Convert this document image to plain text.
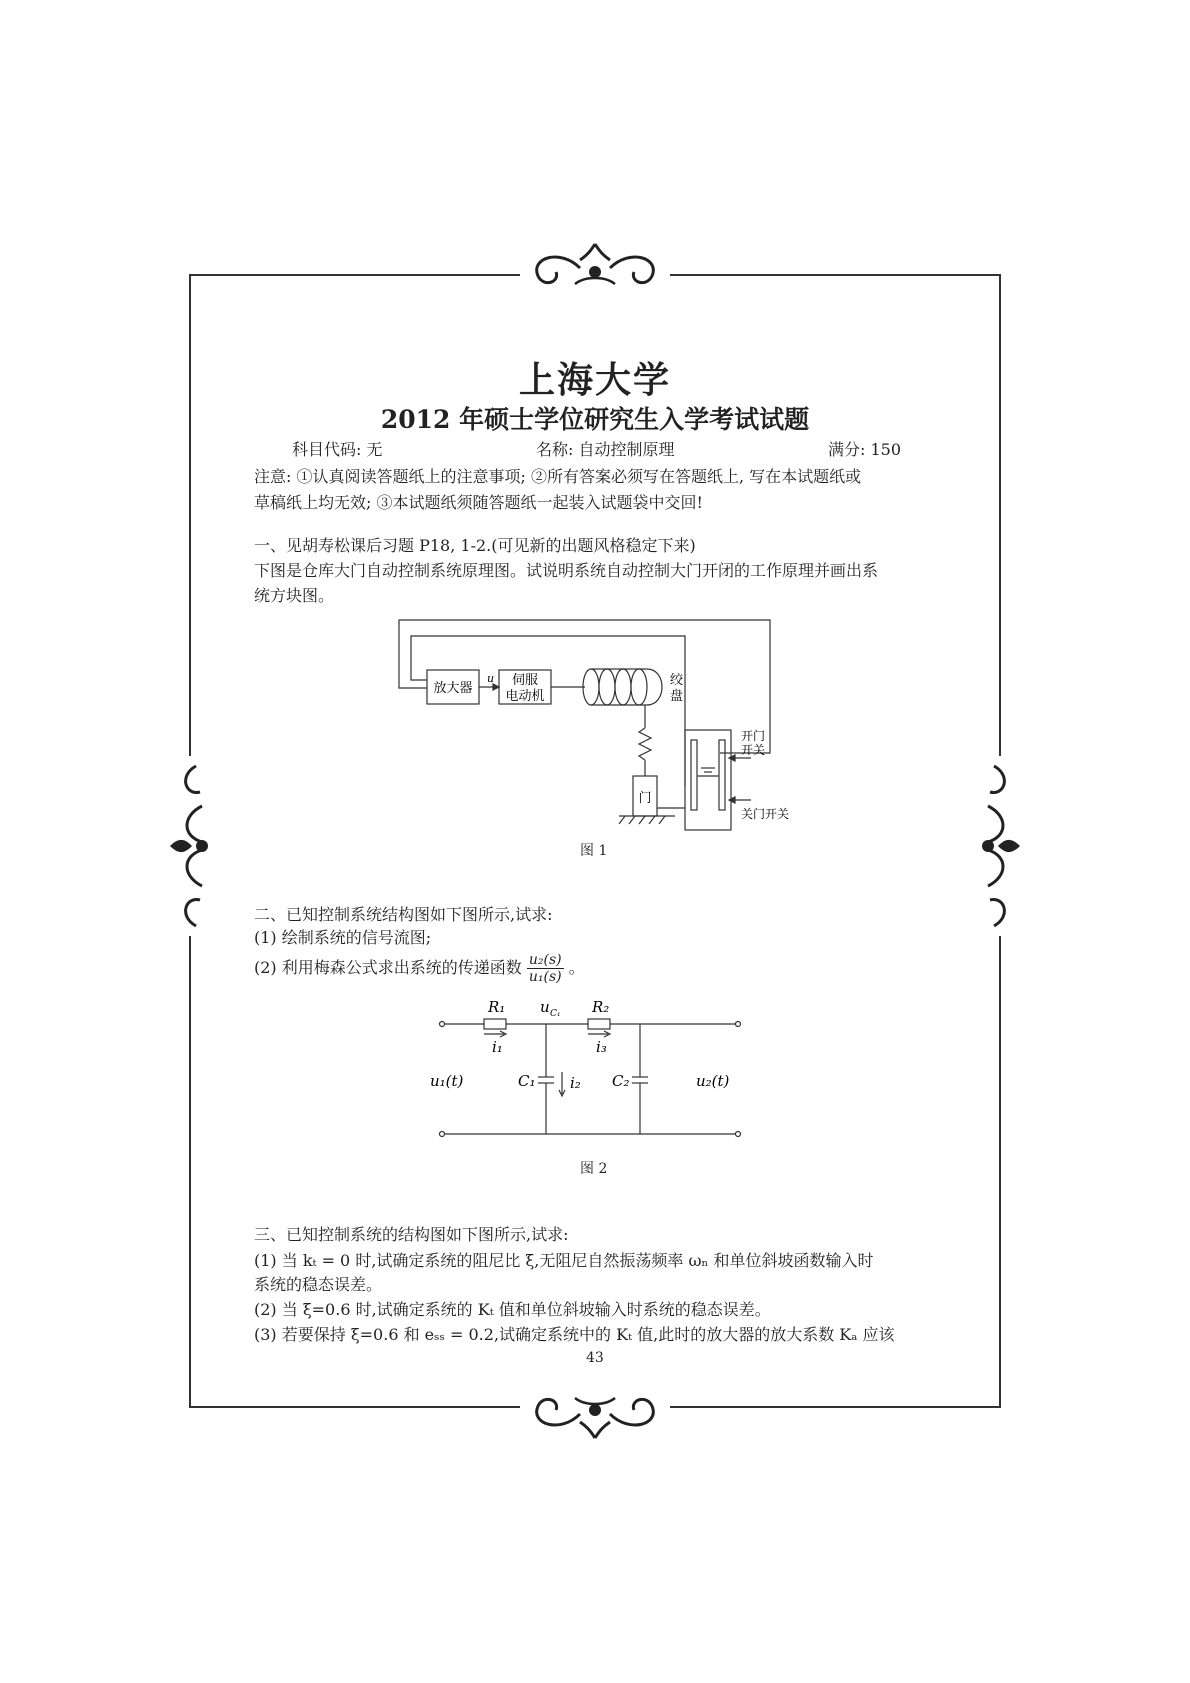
上海大学
2012 年硕士学位研究生入学考试试题
科目代码: 无	名称: 自动控制原理	满分: 150
注意: ①认真阅读答题纸上的注意事项; ②所有答案必须写在答题纸上, 写在本试题纸或
草稿纸上均无效; ③本试题纸须随答题纸一起装入试题袋中交回!
一、见胡寿松课后习题 P18, 1-2.(可见新的出题风格稳定下来)
下图是仓库大门自动控制系统原理图。试说明系统自动控制大门开闭的工作原理并画出系
统方块图。
放大器
u 伺服
电动机
绞
盘
门
开门
开关
关门开关
图 1
二、已知控制系统结构图如下图所示,试求:
(1) 绘制系统的信号流图;
(2) 利用梅森公式求出系统的传递函数 $\frac{\text{u₂(s)}}{\text{u₁(s)}}$ 。
R₁	R₂
u C₁
i₁	i₃
i₂
C₁	C₂
u₁(t)	u₂(t)
图 2
三、已知控制系统的结构图如下图所示,试求:
(1) 当 kₜ = 0 时,试确定系统的阻尼比 ξ,无阻尼自然振荡频率 ωₙ 和单位斜坡函数输入时
系统的稳态误差。
(2) 当 ξ=0.6 时,试确定系统的 Kₜ 值和单位斜坡输入时系统的稳态误差。
(3) 若要保持 ξ=0.6 和 eₛₛ = 0.2,试确定系统中的 Kₜ 值,此时的放大器的放大系数 Kₐ 应该
43
